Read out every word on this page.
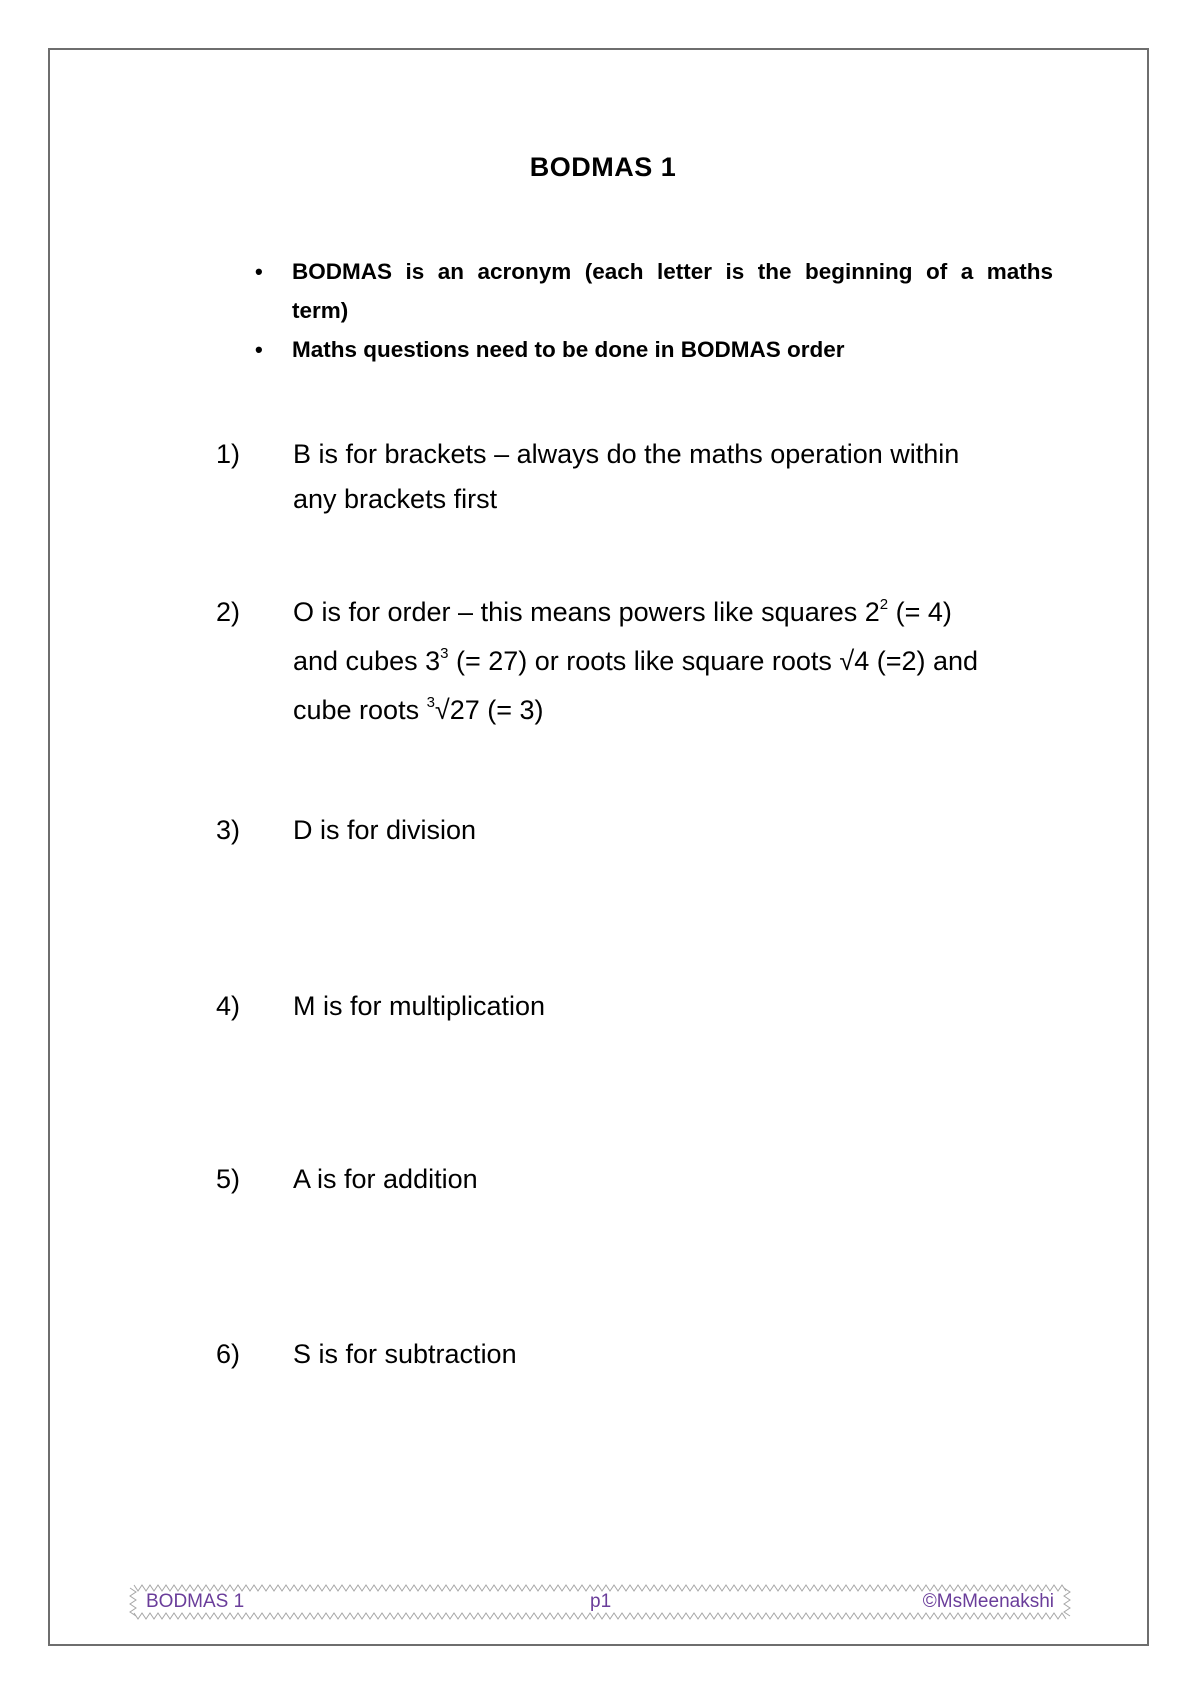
BODMAS 1
•	BODMAS is an acronym (each letter is the beginning of a maths
term)
•	Maths questions need to be done in BODMAS order
1) B is for brackets – always do the maths operation within
any brackets first
2) O is for order – this means powers like squares $2^2$ (= 4)
and cubes $3^3$ (= 27) or roots like square roots √4 (=2) and
cube roots $^3$√27 (= 3)
3) D is for division
4) M is for multiplication
5) A is for addition
6) S is for subtraction
BODMAS 1	p1	©MsMeenakshi
